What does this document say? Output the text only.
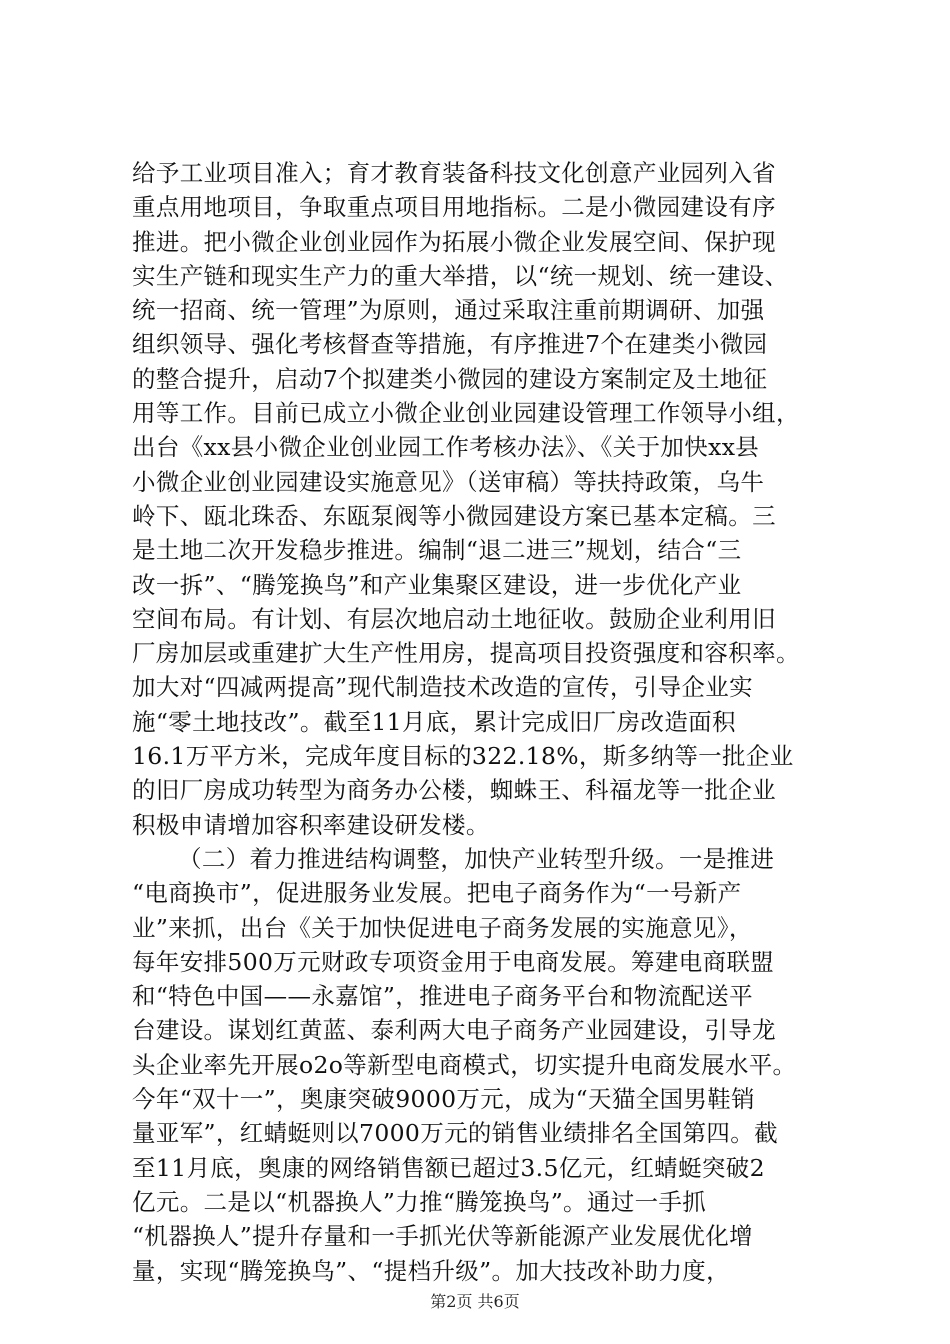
给予工业项目准入；育才教育装备科技文化创意产业园列入省
重点用地项目，争取重点项目用地指标。二是小微园建设有序
推进。把小微企业创业园作为拓展小微企业发展空间、保护现
实生产链和现实生产力的重大举措，以“统一规划、统一建设、
统一招商、统一管理”为原则，通过采取注重前期调研、加强
组织领导、强化考核督查等措施，有序推进7个在建类小微园
的整合提升，启动7个拟建类小微园的建设方案制定及土地征
用等工作。目前已成立小微企业创业园建设管理工作领导小组，
出台《xx县小微企业创业园工作考核办法》、《关于加快xx县
小微企业创业园建设实施意见》（送审稿）等扶持政策，乌牛
岭下、瓯北珠岙、东瓯泵阀等小微园建设方案已基本定稿。三
是土地二次开发稳步推进。编制“退二进三”规划，结合“三
改一拆”、“腾笼换鸟”和产业集聚区建设，进一步优化产业
空间布局。有计划、有层次地启动土地征收。鼓励企业利用旧
厂房加层或重建扩大生产性用房，提高项目投资强度和容积率。
加大对“四减两提高”现代制造技术改造的宣传，引导企业实
施“零土地技改”。截至11月底，累计完成旧厂房改造面积
16.1万平方米，完成年度目标的322.18%，斯多纳等一批企业
的旧厂房成功转型为商务办公楼，蜘蛛王、科福龙等一批企业
积极申请增加容积率建设研发楼。
（二）着力推进结构调整，加快产业转型升级。一是推进
“电商换市”，促进服务业发展。把电子商务作为“一号新产
业”来抓，出台《关于加快促进电子商务发展的实施意见》，
每年安排500万元财政专项资金用于电商发展。筹建电商联盟
和“特色中国——永嘉馆”，推进电子商务平台和物流配送平
台建设。谋划红黄蓝、泰利两大电子商务产业园建设，引导龙
头企业率先开展o2o等新型电商模式，切实提升电商发展水平。
今年“双十一”，奥康突破9000万元，成为“天猫全国男鞋销
量亚军”，红蜻蜓则以7000万元的销售业绩排名全国第四。截
至11月底，奥康的网络销售额已超过3.5亿元，红蜻蜓突破2
亿元。二是以“机器换人”力推“腾笼换鸟”。通过一手抓
“机器换人”提升存量和一手抓光伏等新能源产业发展优化增
量，实现“腾笼换鸟”、“提档升级”。加大技改补助力度，
第2页 共6页
